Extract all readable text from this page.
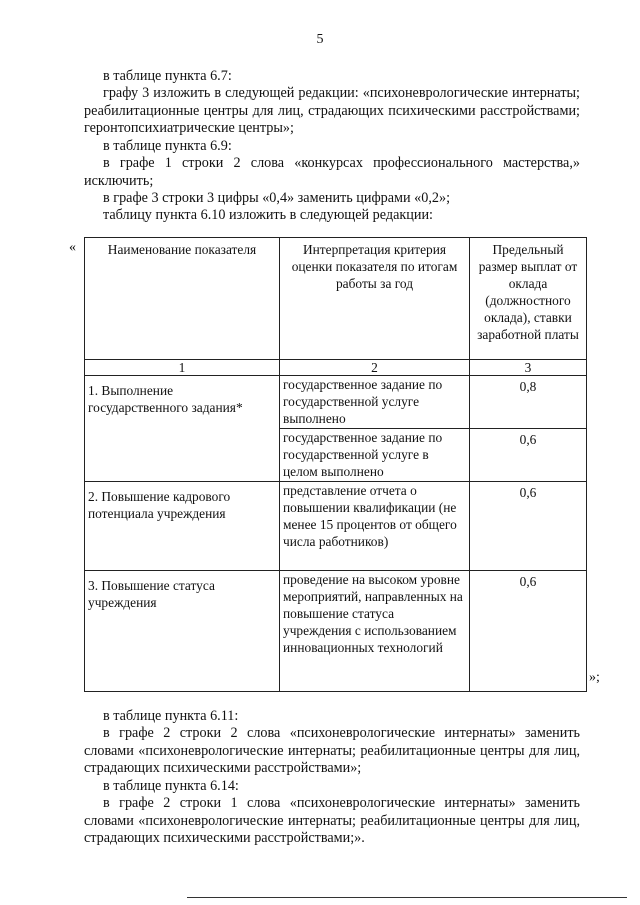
5

в таблице пункта 6.7:

графу 3 изложить в следующей редакции: «психоневрологические интернаты; реабилитационные центры для лиц, страдающих психическими расстройствами; геронтопсихиатрические центры»;

в таблице пункта 6.9:

в графе 1 строки 2 слова «конкурсах профессионального мастерства,» исключить;

в графе 3 строки 3 цифры «0,4» заменить цифрами «0,2»;

таблицу пункта 6.10 изложить в следующей редакции:

« Наименование показателя	Интерпретация критерия оценки показателя по итогам работы за год	Предельный размер выплат от оклада (должностного оклада), ставки заработной платы
1	2	3
1. Выполнение государственного задания*	государственное задание по государственной услуге выполнено	0,8
	государственное задание по государственной услуге в целом выполнено	0,6
2. Повышение кадрового потенциала учреждения	представление отчета о повышении квалификации (не менее 15 процентов от общего числа работников)	0,6
3. Повышение статуса учреждения	проведение на высоком уровне мероприятий, направленных на повышение статуса учреждения с использованием инновационных технологий	0,6
»;

в таблице пункта 6.11:

в графе 2 строки 2 слова «психоневрологические интернаты» заменить словами «психоневрологические интернаты; реабилитационные центры для лиц, страдающих психическими расстройствами»;

в таблице пункта 6.14:

в графе 2 строки 1 слова «психоневрологические интернаты» заменить словами «психоневрологические интернаты; реабилитационные центры для лиц, страдающих психическими расстройствами;».
